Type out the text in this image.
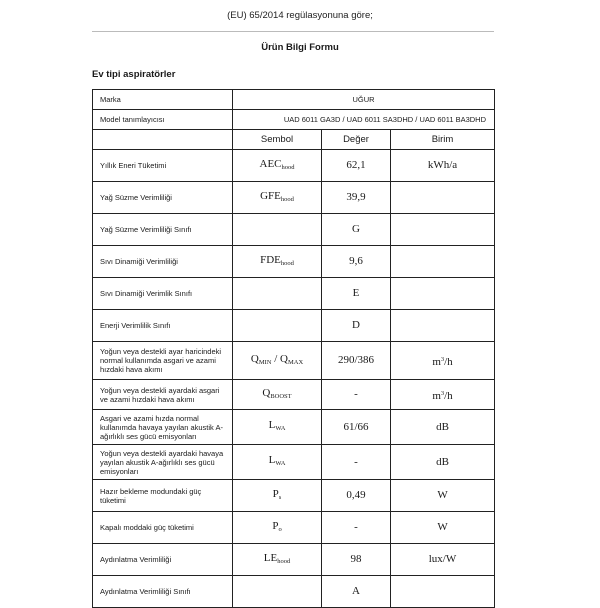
(EU) 65/2014 regülasyonuna göre;
Ürün Bilgi Formu
Ev tipi aspiratörler
Marka	UĞUR		
Model tanımlayıcısı	UAD 6011 GA3D / UAD 6011 SA3DHD / UAD 6011 BA3DHD		
	Sembol	Değer	Birim
Yıllık Eneri Tüketimi	$AEC_{hood}$	62,1	kWh/a
Yağ Süzme Verimliliği	$GFE_{hood}$	39,9	
Yağ Süzme Verimliliği Sınıfı		G	
Sıvı Dinamiği Verimliliği	$FDE_{hood}$	9,6	
Sıvı Dinamiği Verimlik Sınıfı		E	
Enerji Verimlilik Sınıfı		D	
Yoğun veya destekli ayar haricindeki normal kullanımda asgari ve azami hızdaki hava akımı	$Q_{MIN} / Q_{MAX}$	290/386	$m^3/h$
Yoğun veya destekli ayardaki asgari ve azami hızdaki hava akımı	$Q_{BOOST}$	-	$m^3/h$
Asgari ve azami hızda normal kullanımda havaya yayılan akustik A-ağırlıklı ses gücü emisyonları	$L_{WA}$	61/66	dB
Yoğun veya destekli ayardaki havaya yayılan akustik A-ağırlıklı ses gücü emisyonları	$L_{WA}$	-	dB
Hazır bekleme modundaki güç tüketimi	$P_s$	0,49	W
Kapalı moddaki güç tüketimi	$P_o$	-	W
Aydınlatma Verimliliği	$LE_{hood}$	98	lux/W
Aydınlatma Verimliliği Sınıfı		A	
